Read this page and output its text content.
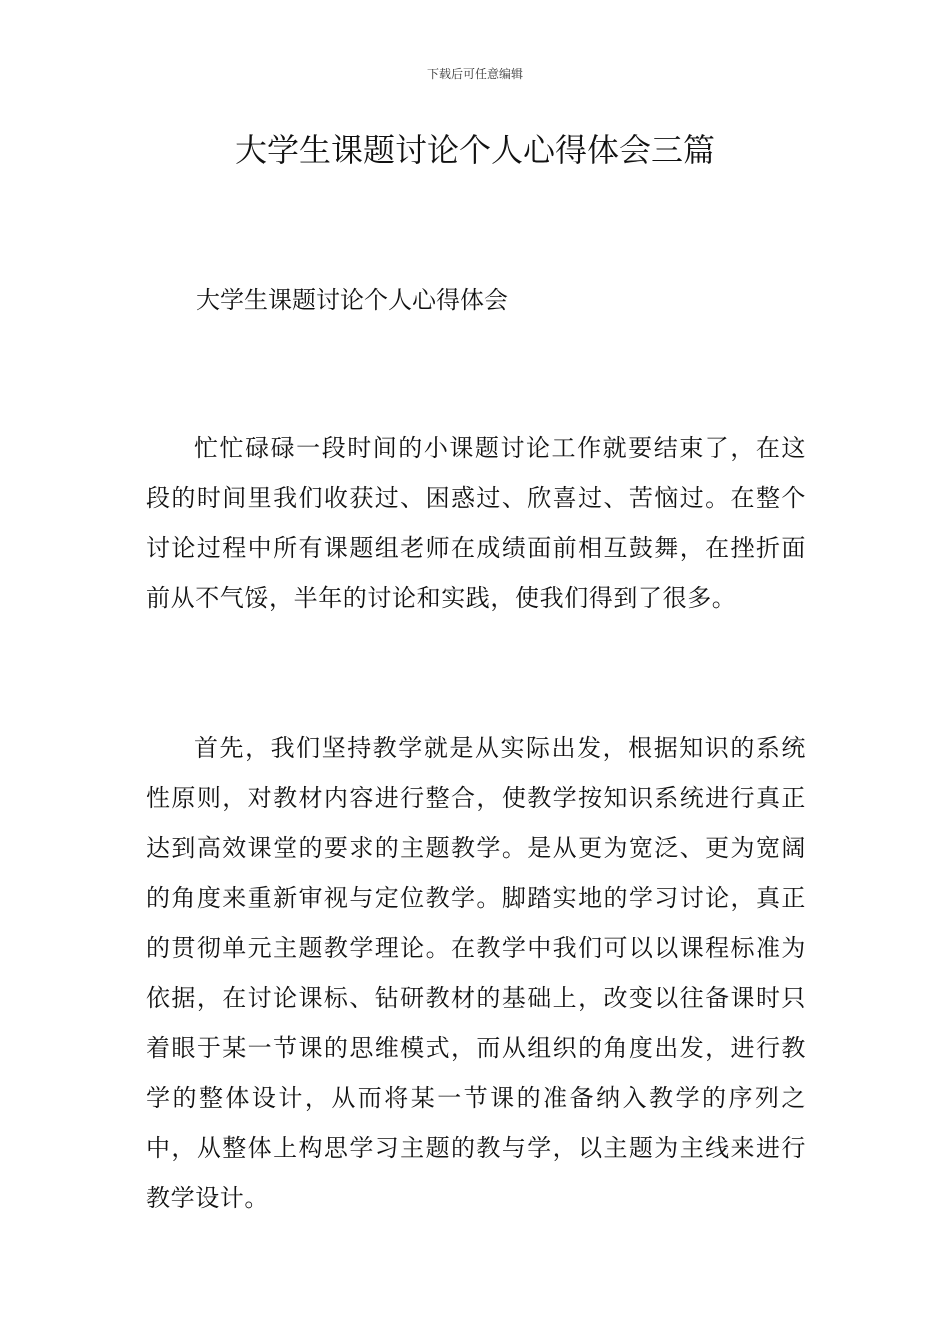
下载后可任意编辑
大学生课题讨论个人心得体会三篇

大学生课题讨论个人心得体会

忙忙碌碌一段时间的小课题讨论工作就要结束了，在这段的时间里我们收获过、困惑过、欣喜过、苦恼过。在整个讨论过程中所有课题组老师在成绩面前相互鼓舞，在挫折面前从不气馁，半年的讨论和实践，使我们得到了很多。

首先，我们坚持教学就是从实际出发，根据知识的系统性原则，对教材内容进行整合，使教学按知识系统进行真正达到高效课堂的要求的主题教学。是从更为宽泛、更为宽阔的角度来重新审视与定位教学。脚踏实地的学习讨论，真正的贯彻单元主题教学理论。在教学中我们可以以课程标准为依据，在讨论课标、钻研教材的基础上，改变以往备课时只着眼于某一节课的思维模式，而从组织的角度出发，进行教学的整体设计，从而将某一节课的准备纳入教学的序列之中，从整体上构思学习主题的教与学，以主题为主线来进行教学设计。
